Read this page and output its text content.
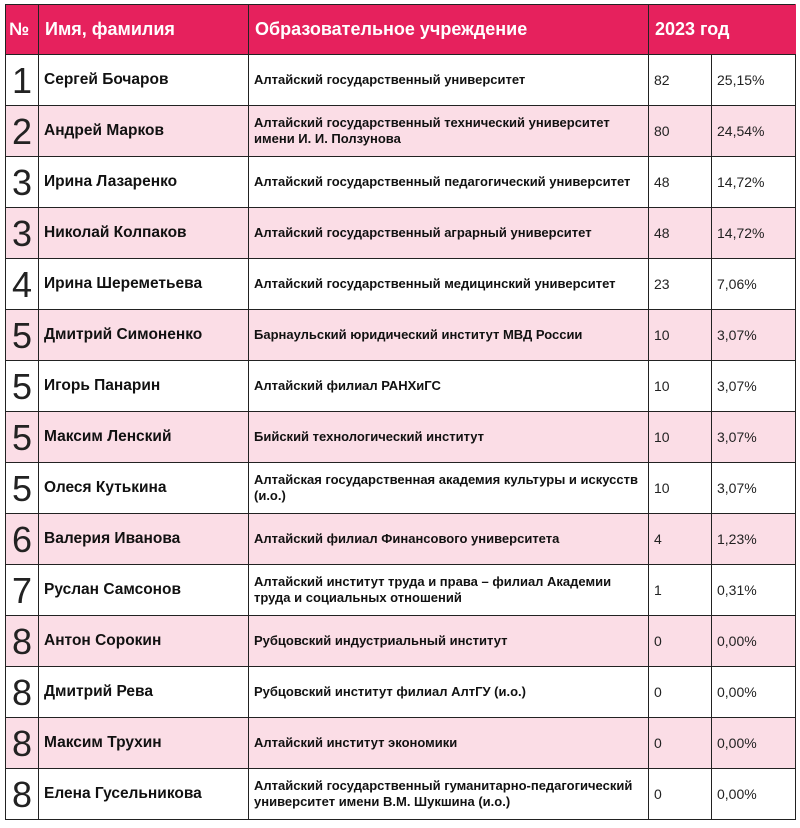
№	Имя, фамилия	Образовательное учреждение	2023 год	
1	Сергей Бочаров	Алтайский государственный университет	82	25,15%
2	Андрей Марков	Алтайский государственный технический университет имени И. И. Ползунова	80	24,54%
3	Ирина Лазаренко	Алтайский государственный педагогический университет	48	14,72%
3	Николай Колпаков	Алтайский государственный аграрный университет	48	14,72%
4	Ирина Шереметьева	Алтайский государственный медицинский университет	23	7,06%
5	Дмитрий Симоненко	Барнаульский юридический институт МВД России	10	3,07%
5	Игорь Панарин	Алтайский филиал РАНХиГС	10	3,07%
5	Максим Ленский	Бийский технологический институт	10	3,07%
5	Олеся Кутькина	Алтайская государственная академия культуры и искусств (и.о.)	10	3,07%
6	Валерия Иванова	Алтайский филиал Финансового университета	4	1,23%
7	Руслан Самсонов	Алтайский институт труда и права – филиал Академии труда и социальных отношений	1	0,31%
8	Антон Сорокин	Рубцовский индустриальный институт	0	0,00%
8	Дмитрий Рева	Рубцовский институт филиал АлтГУ (и.о.)	0	0,00%
8	Максим Трухин	Алтайский институт экономики	0	0,00%
8	Елена Гусельникова	Алтайский государственный гуманитарно-педагогический университет имени В.М. Шукшина (и.о.)	0	0,00%
